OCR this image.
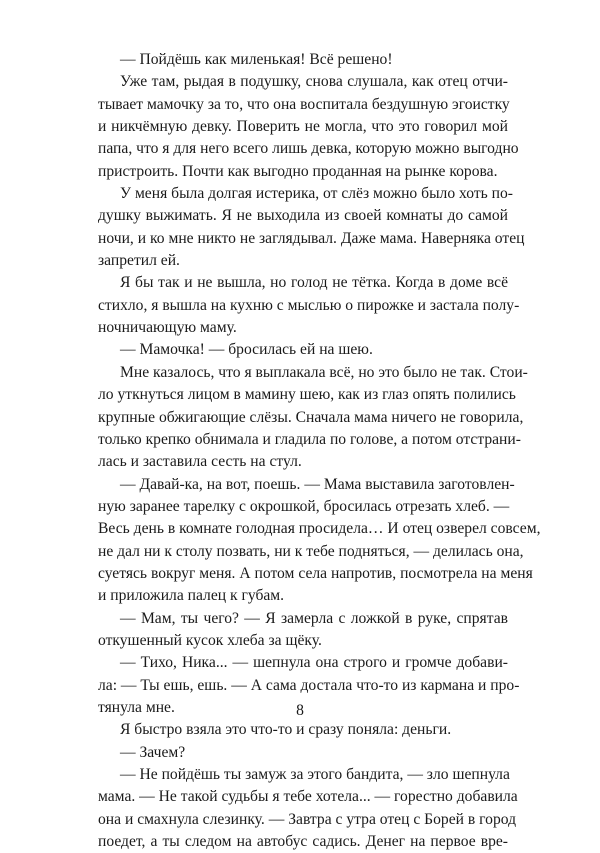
— Пойдёшь как миленькая! Всё решено!
Уже там, рыдая в подушку, снова слушала, как отец отчи-
тывает мамочку за то, что она воспитала бездушную эгоистку
и никчёмную девку. Поверить не могла, что это говорил мой
папа, что я для него всего лишь девка, которую можно выгодно
пристроить. Почти как выгодно проданная на рынке корова.
У меня была долгая истерика, от слёз можно было хоть по-
душку выжимать. Я не выходила из своей комнаты до самой
ночи, и ко мне никто не заглядывал. Даже мама. Наверняка отец
запретил ей.
Я бы так и не вышла, но голод не тётка. Когда в доме всё
стихло, я вышла на кухню с мыслью о пирожке и застала полу-
ночничающую маму.
— Мамочка! — бросилась ей на шею.
Мне казалось, что я выплакала всё, но это было не так. Стои-
ло уткнуться лицом в мамину шею, как из глаз опять полились
крупные обжигающие слёзы. Сначала мама ничего не говорила,
только крепко обнимала и гладила по голове, а потом отстрани-
лась и заставила сесть на стул.
— Давай-ка, на вот, поешь. — Мама выставила заготовлен-
ную заранее тарелку с окрошкой, бросилась отрезать хлеб. —
Весь день в комнате голодная просидела… И отец озверел совсем,
не дал ни к столу позвать, ни к тебе подняться, — делилась она,
суетясь вокруг меня. А потом села напротив, посмотрела на меня
и приложила палец к губам.
— Мам, ты чего? — Я замерла с ложкой в руке, спрятав
откушенный кусок хлеба за щёку.
— Тихо, Ника... — шепнула она строго и громче добави-
ла: — Ты ешь, ешь. — А сама достала что-то из кармана и про-
тянула мне.
Я быстро взяла это что-то и сразу поняла: деньги.
— Зачем?
— Не пойдёшь ты замуж за этого бандита, — зло шепнула
мама. — Не такой судьбы я тебе хотела... — горестно добавила
она и смахнула слезинку. — Завтра с утра отец с Борей в город
поедет, а ты следом на автобус садись. Денег на первое вре-
8
